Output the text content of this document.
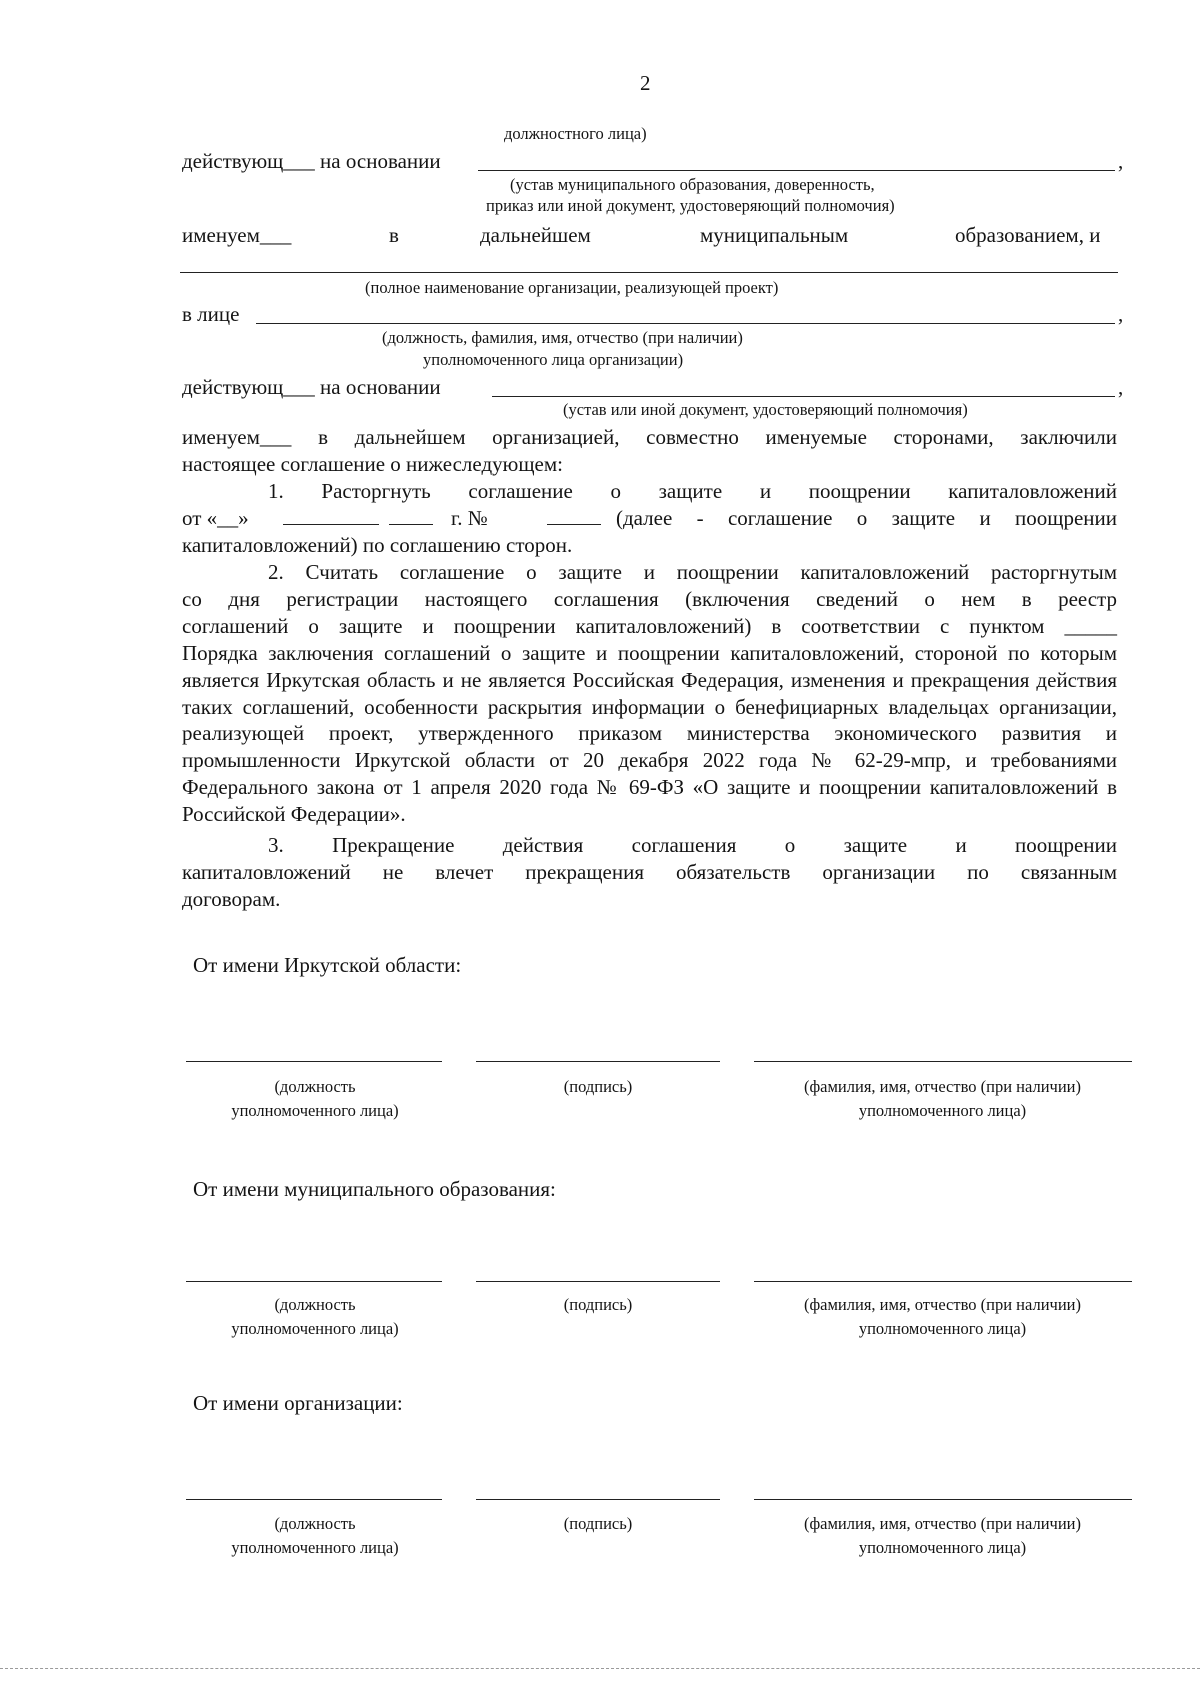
2
должностного лица)
действующ___ на основании	,
(устав муниципального образования, доверенность,
приказ или иной документ, удостоверяющий полномочия)
именуем___	в	дальнейшем	муниципальным	образованием, и
(полное наименование организации, реализующей проект)
в лице	,
(должность, фамилия, имя, отчество (при наличии)
уполномоченного лица организации)
действующ___ на основании	,
(устав или иной документ, удостоверяющий полномочия)
именуем___ в дальнейшем организацией, совместно именуемые сторонами, заключили
настоящее соглашение о нижеследующем:
1. Расторгнуть соглашение о защите и поощрении капиталовложений
от «__»	г. №	(далее - соглашение о защите и поощрении
капиталовложений) по соглашению сторон.
2. Считать соглашение о защите и поощрении капиталовложений расторгнутым
со дня регистрации настоящего соглашения (включения сведений о нем в реестр
соглашений о защите и поощрении капиталовложений) в соответствии с пунктом _____
Порядка заключения соглашений о защите и поощрении капиталовложений, стороной по которым является Иркутская область и не является Российская Федерация, изменения и прекращения действия таких соглашений, особенности раскрытия информации о бенефициарных владельцах организации, реализующей проект, утвержденного приказом министерства экономического развития и промышленности Иркутской области от 20 декабря 2022 года № 62-29-мпр, и требованиями Федерального закона от 1 апреля 2020 года № 69-ФЗ «О защите и поощрении капиталовложений в Российской Федерации».
3. Прекращение действия соглашения о защите и поощрении
капиталовложений не влечет прекращения обязательств организации по связанным
договорам.
От имени Иркутской области:
(должность
уполномоченного лица)
(подпись)	(фамилия, имя, отчество (при наличии)
уполномоченного лица)
От имени муниципального образования:
(должность
уполномоченного лица)
(подпись)	(фамилия, имя, отчество (при наличии)
уполномоченного лица)
От имени организации:
(должность
уполномоченного лица)
(подпись)	(фамилия, имя, отчество (при наличии)
уполномоченного лица)
